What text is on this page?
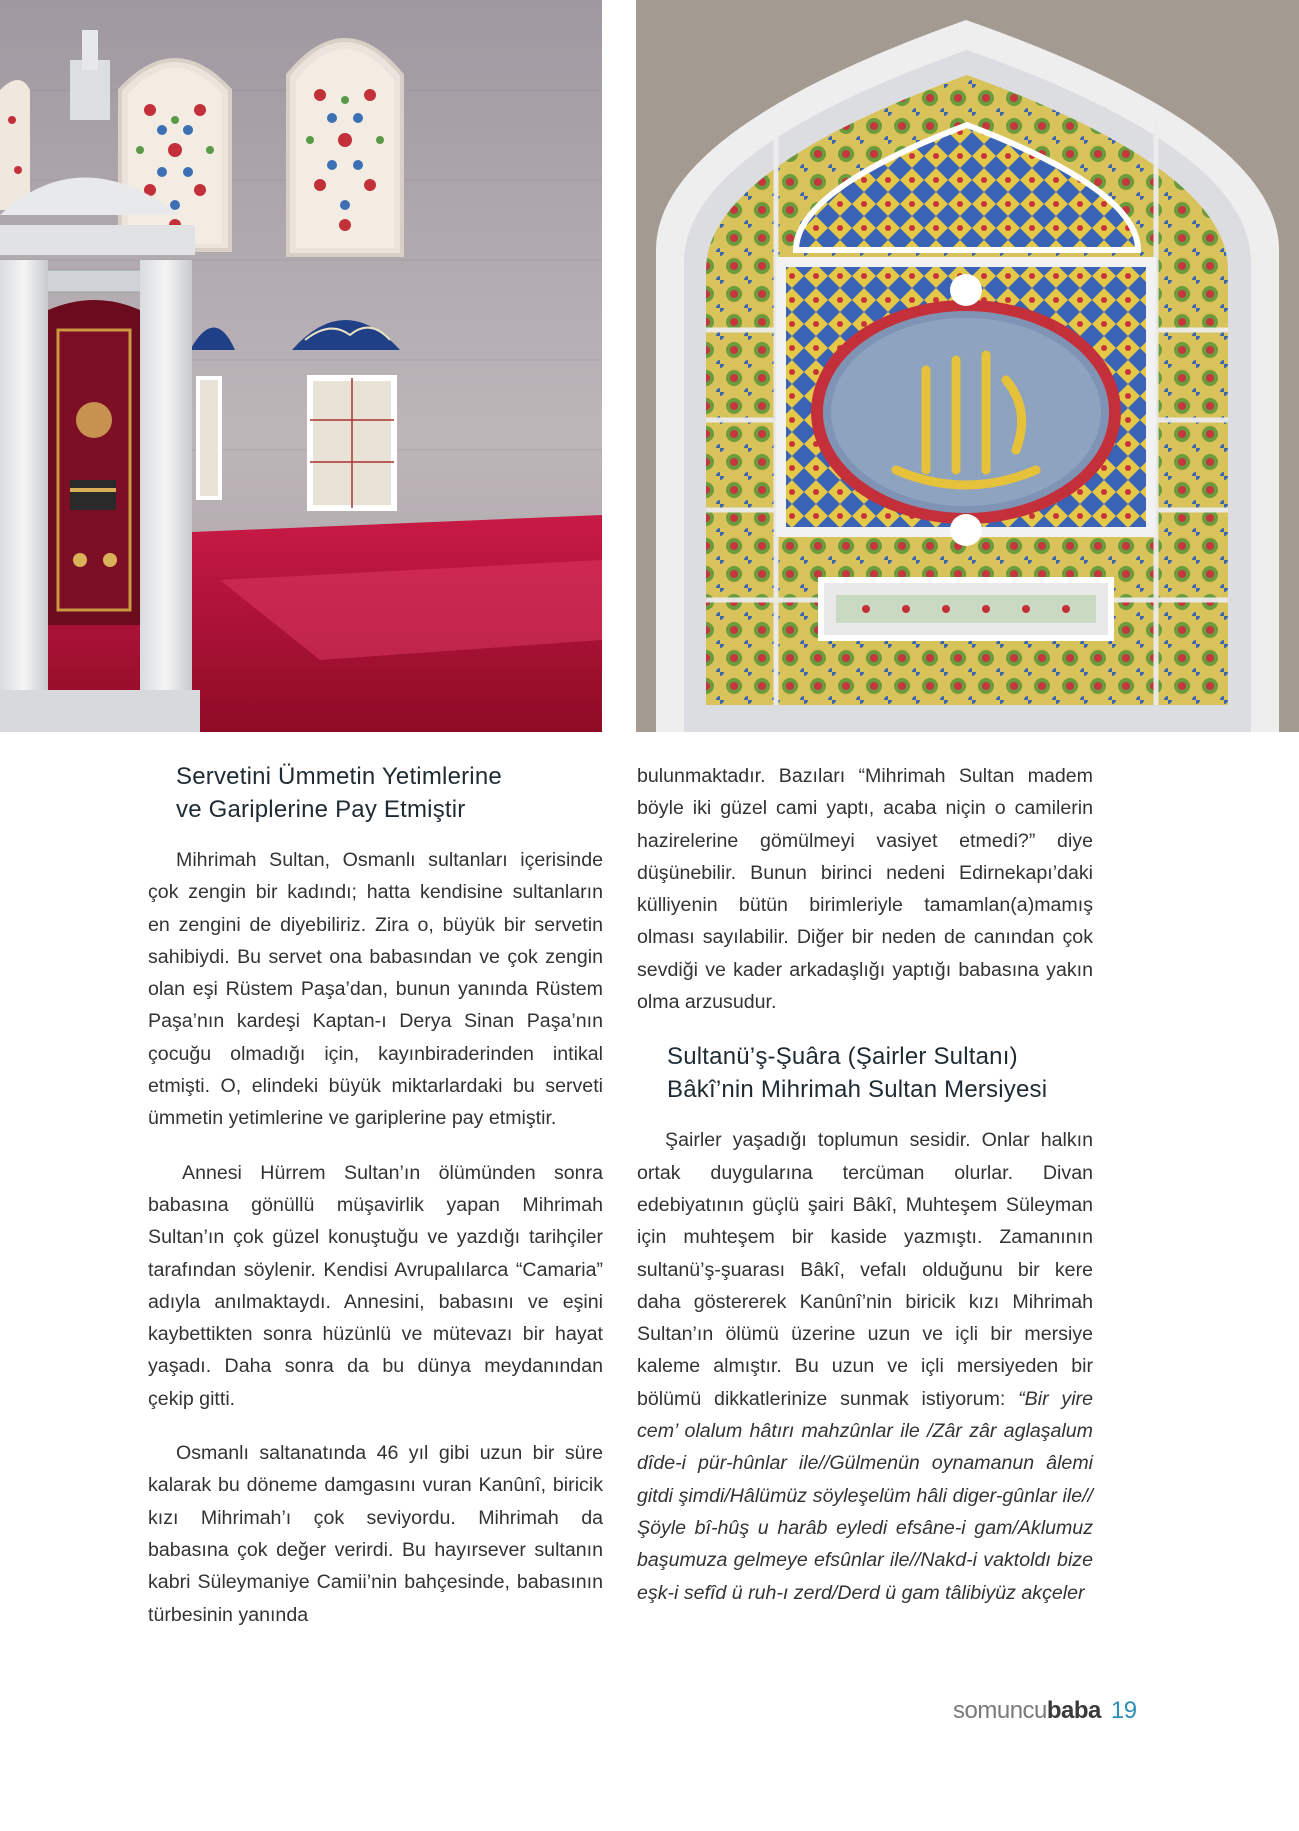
Servetini Ümmetin Yetimlerine
ve Gariplerine Pay Etmiştir

Mihrimah Sultan, Osmanlı sultanları içerisinde çok zengin bir kadındı; hatta kendisine sultanların en zengini de diyebiliriz. Zira o, büyük bir servetin sahibiydi. Bu servet ona babasından ve çok zengin olan eşi Rüstem Paşa’dan, bunun yanında Rüstem Paşa’nın kardeşi Kaptan-ı Derya Sinan Paşa’nın çocuğu olmadığı için, kayınbiraderinden intikal etmişti. O, elindeki büyük miktarlardaki bu serveti ümmetin yetimlerine ve gariplerine pay etmiştir.

Annesi Hürrem Sultan’ın ölümünden sonra babasına gönüllü müşavirlik yapan Mihrimah Sultan’ın çok güzel konuştuğu ve yazdığı tarihçiler tarafından söylenir. Kendisi Avrupalılarca “Camaria” adıyla anılmaktaydı. Annesini, babasını ve eşini kaybettikten sonra hüzünlü ve mütevazı bir hayat yaşadı. Daha sonra da bu dünya meydanından çekip gitti.

Osmanlı saltanatında 46 yıl gibi uzun bir süre kalarak bu döneme damgasını vuran Kanûnî, biricik kızı Mihrimah’ı çok seviyordu. Mihrimah da babasına çok değer verirdi. Bu hayırsever sultanın kabri Süleymaniye Camii’nin bahçesinde, babasının türbesinin yanında

bulunmaktadır. Bazıları “Mihrimah Sultan madem böyle iki güzel cami yaptı, acaba niçin o camilerin hazirelerine gömülmeyi vasiyet etmedi?” diye düşünebilir. Bunun birinci nedeni Edirnekapı’daki külliyenin bütün birimleriyle tamamlan(a)mamış olması sayılabilir. Diğer bir neden de canından çok sevdiği ve kader arkadaşlığı yaptığı babasına yakın olma arzusudur.

Sultanü’ş-Şuâra (Şairler Sultanı)
Bâkî’nin Mihrimah Sultan Mersiyesi

Şairler yaşadığı toplumun sesidir. Onlar halkın ortak duygularına tercüman olurlar. Divan edebiyatının güçlü şairi Bâkî, Muhteşem Süleyman için muhteşem bir kaside yazmıştı. Zamanının sultanü’ş-şuarası Bâkî, vefalı olduğunu bir kere daha göstererek Kanûnî’nin biricik kızı Mihrimah Sultan’ın ölümü üzerine uzun ve içli bir mersiye kaleme almıştır. Bu uzun ve içli mersiyeden bir bölümü dikkatlerinize sunmak istiyorum: “Bir yire cem’ olalum hâtırı mahzûnlar ile /Zâr zâr aglaşalum dîde-i pür-hûnlar ile//Gülmenün oynamanun âlemi gitdi şimdi/Hâlümüz söyleşelüm hâli diger-gûnlar ile//Şöyle bî-hûş u harâb eyledi efsâne-i gam/Aklumuz başumuza gelmeye efsûnlar ile//Nakd-i vaktoldı bize eşk-i sefîd ü ruh-ı zerd/Derd ü gam tâlibiyüz akçeler

somuncubaba 19
